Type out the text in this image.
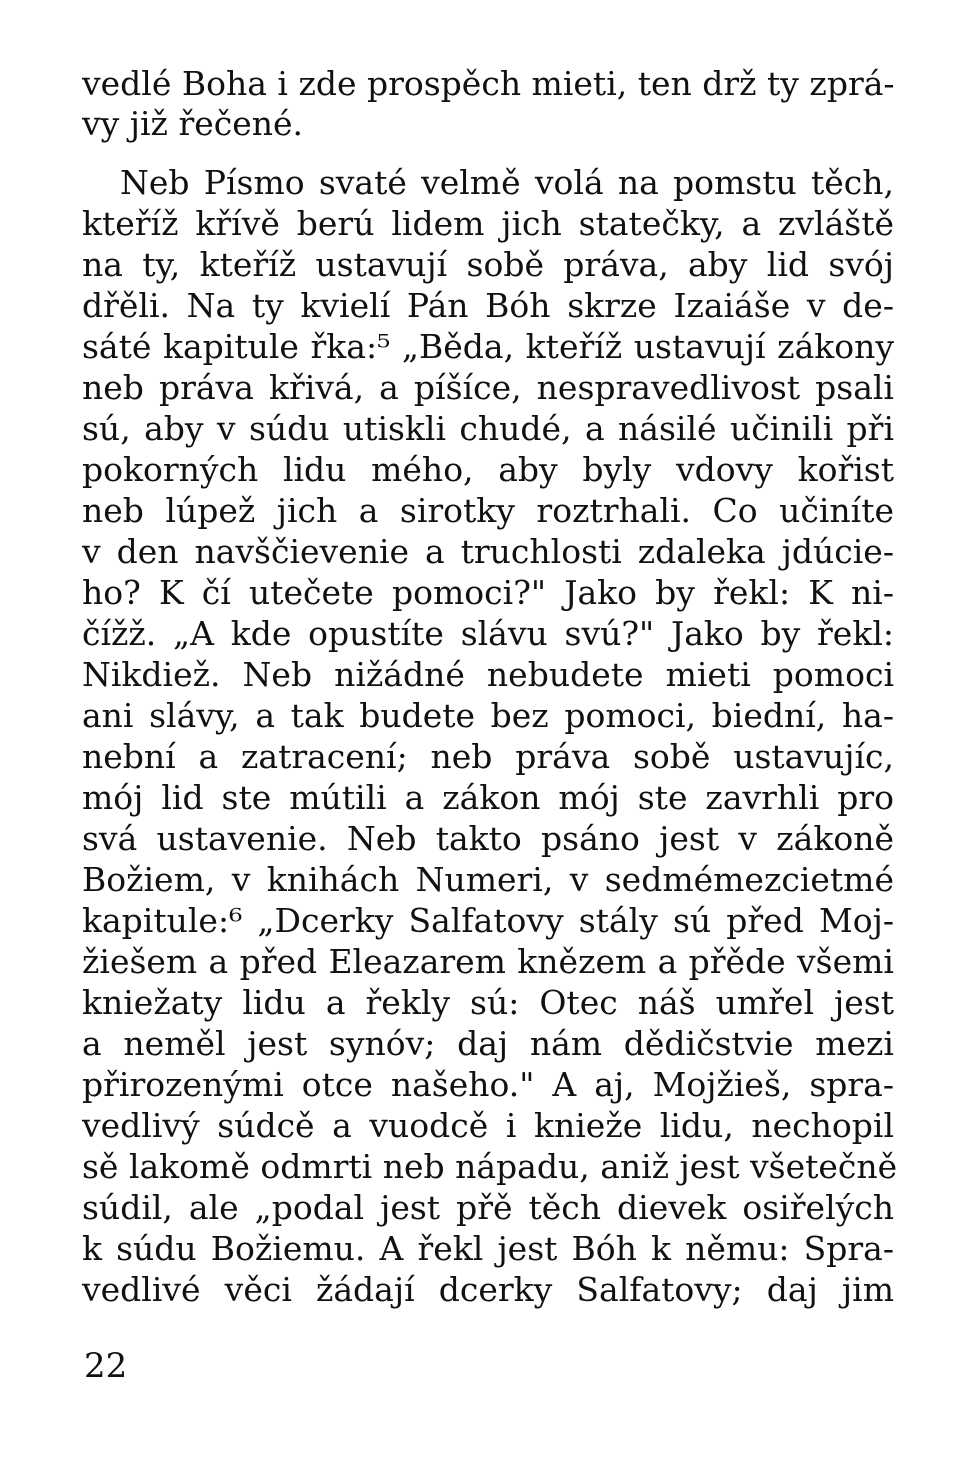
vedlé Boha i zde prospěch mieti, ten drž ty zprá-
vy již řečené.
Neb Písmo svaté velmě volá na pomstu těch,
kteříž křívě berú lidem jich statečky, a zvláště
na ty, kteříž ustavují sobě práva, aby lid svój
dřěli. Na ty kvielí Pán Bóh skrze Izaiáše v de-
sáté kapitule řka:⁵ „Běda, kteříž ustavují zákony
neb práva křivá, a píšíce, nespravedlivost psali
sú, aby v súdu utiskli chudé, a násilé učinili při
pokorných lidu mého, aby byly vdovy kořist
neb lúpež jich a sirotky roztrhali. Co učiníte
v den navščievenie a truchlosti zdaleka jdúcie-
ho? K čí utečete pomoci?" Jako by řekl: K ni-
čížž. „A kde opustíte slávu svú?" Jako by řekl:
Nikdiež. Neb nižádné nebudete mieti pomoci
ani slávy, a tak budete bez pomoci, biední, ha-
nební a zatracení; neb práva sobě ustavujíc,
mój lid ste mútili a zákon mój ste zavrhli pro
svá ustavenie. Neb takto psáno jest v zákoně
Božiem, v knihách Numeri, v sedmémezcietmé
kapitule:⁶ „Dcerky Salfatovy stály sú před Moj-
žiešem a před Eleazarem knězem a přěde všemi
kniežaty lidu a řekly sú: Otec náš umřel jest
a neměl jest synóv; daj nám dědičstvie mezi
přirozenými otce našeho." A aj, Mojžieš, spra-
vedlivý súdcě a vuodcě i knieže lidu, nechopil
sě lakomě odmrti neb nápadu, aniž jest všetečně
súdil, ale „podal jest přě těch dievek osiřelých
k súdu Božiemu. A řekl jest Bóh k němu: Spra-
vedlivé věci žádají dcerky Salfatovy; daj jim
22
